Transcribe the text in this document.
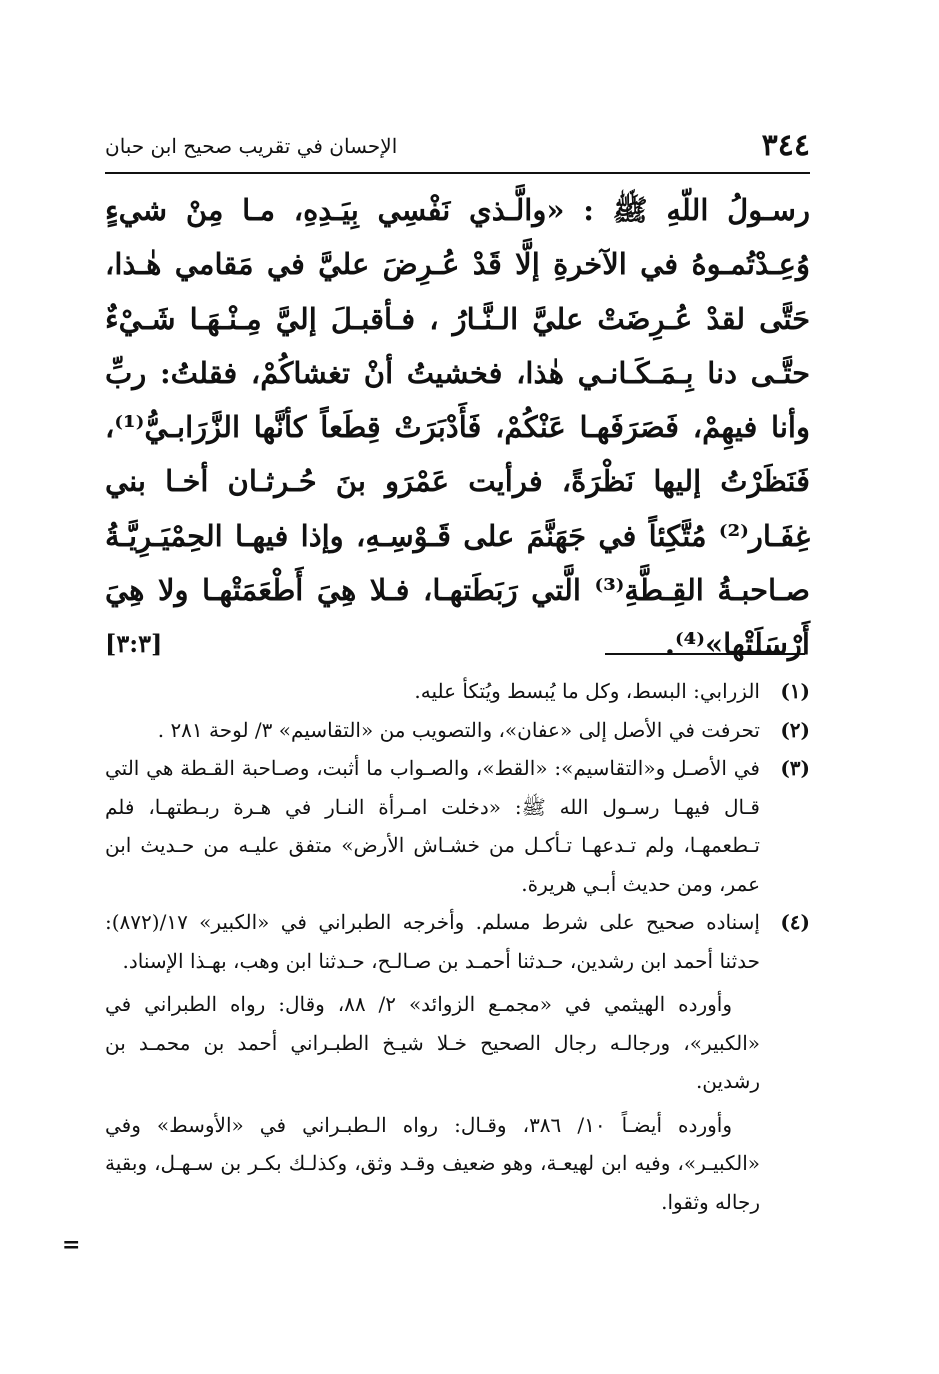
٣٤٤
الإحسان في تقريب صحيح ابن حبان
رسـولُ اللّهِ ﷺ : «والَّـذي نَفْسِي بِيَـدِهِ، مـا مِنْ شيءٍ وُعِـدْتُمـوهُ في الآخرةِ إلَّا قَدْ عُـرِضَ عليَّ في مَقامي هٰـذا، حَتَّى لقدْ عُـرِضَتْ عليَّ الـنَّـارُ ، فـأقبـلَ إليَّ مِـنْـهَـا شَـيْءٌ حتَّـى دنا بِـمَـكَـانـي هٰذا، فخشيتُ أنْ تغشاكُمْ، فقلتُ: ربِّ وأنا فيهِمْ، فَصَرَفَهـا عَنْكُمْ، فَأَدْبَرَتْ قِطَعاً كأنَّها الزَّرَابـيُّ⁽¹⁾، فَنَظَرْتُ إليها نَظْرَةً، فرأيت عَمْرَو بنَ حُـرثـان أخـا بني غِفَـار⁽²⁾ مُتَّكِئاً في جَهَنَّمَ على قَـوْسِـهِ، وإذا فيهـا الحِمْيَـرِيَّـةُ صـاحبـةُ القِـطَّةِ⁽³⁾ الَّتي رَبَطَتهـا، فـلا هِيَ أَطْعَمَتْهـا ولا هِيَ أَرْسَلَتْها»⁽⁴⁾.
[٣:٣]
(١)
الزرابي: البسط، وكل ما يُبسط ويُتكأ عليه.
(٢)
تحرفت في الأصل إلى «عفان»، والتصويب من «التقاسيم» ٣/ لوحة ٢٨١ .
(٣)
في الأصـل و«التقاسيم»: «القط»، والصـواب ما أثبت، وصـاحبة القـطة هي التي قـال فيهـا رسـول الله ﷺ: «دخلت امـرأة النـار في هـرة ربـطتهـا، فلم تـطعمهـا، ولم تـدعهـا تـأكـل من خشـاش الأرض» متفق عليـه من حـديث ابن عمر، ومن حديث أبـي هريرة.
(٤)
إسناده صحيح على شرط مسلم. وأخرجه الطبراني في «الكبير» ١٧/(٨٧٢): حدثنا أحمد ابن رشدين، حـدثنا أحمـد بن صـالـح، حـدثنا ابن وهب، بهـذا الإسناد.
وأورده الهيثمي في «مجمـع الزوائد» ٢/ ٨٨، وقال: رواه الطبراني في «الكبير»، ورجالـه رجال الصحيح خـلا شيـخ الطبـراني أحمد بن محمـد بن رشدين.
وأورده أيضـاً ١٠/ ٣٨٦، وقـال: رواه الـطبـراني في «الأوسط» وفي «الكبيـر»، وفيه ابن لهيعـة، وهو ضعيف وقـد وثق، وكذلـك بكـر بن سـهـل، وبقية رجاله وثقوا.
=
